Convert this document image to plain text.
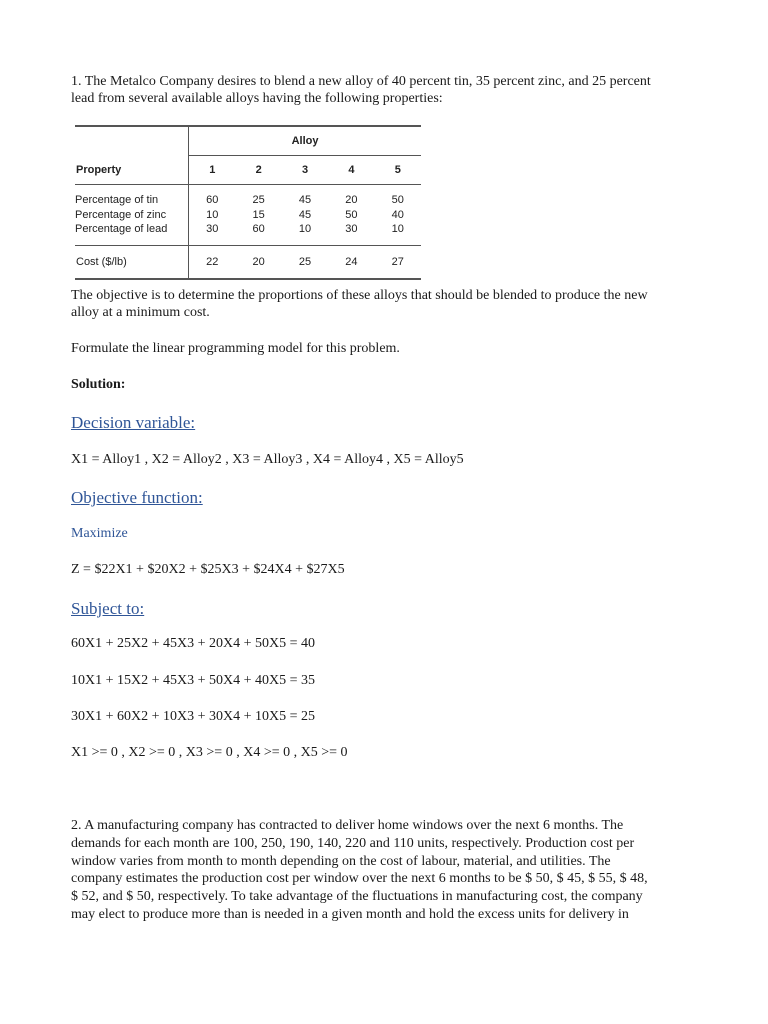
1. The Metalco Company desires to blend a new alloy of 40 percent tin, 35 percent zinc, and 25 percent
lead from several available alloys having the following properties:

	Alloy				
Property	1	2	3	4	5
Percentage of tin	60	25	45	20	50
Percentage of zinc	10	15	45	50	40
Percentage of lead	30	60	10	30	10
Cost ($/lb)	22	20	25	24	27

The objective is to determine the proportions of these alloys that should be blended to produce the new
alloy at a minimum cost.

Formulate the linear programming model for this problem.

Solution:

Decision variable:

X1 = Alloy1 , X2 = Alloy2 , X3 = Alloy3 , X4 = Alloy4 , X5 = Alloy5

Objective function:

Maximize

Z = $22X1 + $20X2 + $25X3 + $24X4 + $27X5

Subject to:

60X1 + 25X2 + 45X3 + 20X4 + 50X5 = 40

10X1 + 15X2 + 45X3 + 50X4 + 40X5 = 35

30X1 + 60X2 + 10X3 + 30X4 + 10X5 = 25

X1 >= 0 , X2 >= 0 , X3 >= 0 , X4 >= 0 , X5 >= 0

2. A manufacturing company has contracted to deliver home windows over the next 6 months. The
demands for each month are 100, 250, 190, 140, 220 and 110 units, respectively. Production cost per
window varies from month to month depending on the cost of labour, material, and utilities. The
company estimates the production cost per window over the next 6 months to be $ 50, $ 45, $ 55, $ 48,
$ 52, and $ 50, respectively. To take advantage of the fluctuations in manufacturing cost, the company
may elect to produce more than is needed in a given month and hold the excess units for delivery in
